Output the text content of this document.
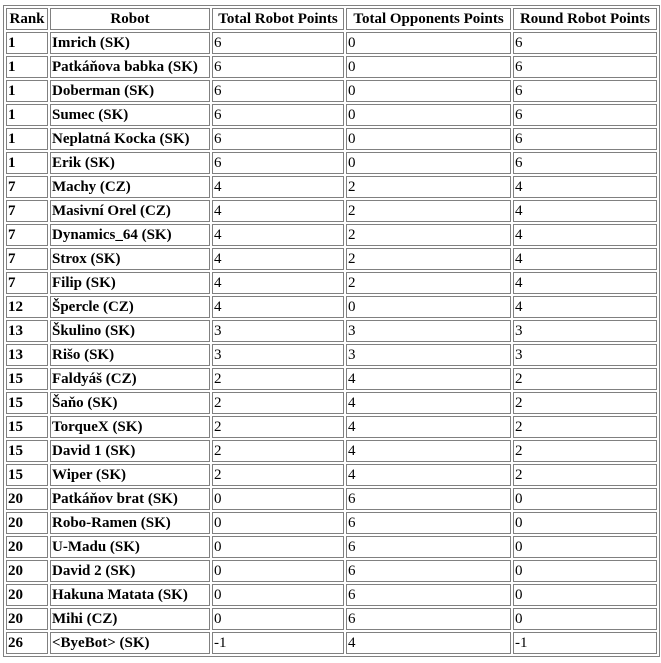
Rank	Robot	Total Robot Points	Total Opponents Points	Round Robot Points
1	Imrich (SK)	6	0	6
1	Patkáňova babka (SK)	6	0	6
1	Doberman (SK)	6	0	6
1	Sumec (SK)	6	0	6
1	Neplatná Kocka (SK)	6	0	6
1	Erik (SK)	6	0	6
7	Machy (CZ)	4	2	4
7	Masivní Orel (CZ)	4	2	4
7	Dynamics_64 (SK)	4	2	4
7	Strox (SK)	4	2	4
7	Filip (SK)	4	2	4
12	Špercle (CZ)	4	0	4
13	Škulino (SK)	3	3	3
13	Rišo (SK)	3	3	3
15	Faldyáš (CZ)	2	4	2
15	Šaňo (SK)	2	4	2
15	TorqueX (SK)	2	4	2
15	David 1 (SK)	2	4	2
15	Wiper (SK)	2	4	2
20	Patkáňov brat (SK)	0	6	0
20	Robo-Ramen (SK)	0	6	0
20	U-Madu (SK)	0	6	0
20	David 2 (SK)	0	6	0
20	Hakuna Matata (SK)	0	6	0
20	Mihi (CZ)	0	6	0
26	<ByeBot> (SK)	-1	4	-1
